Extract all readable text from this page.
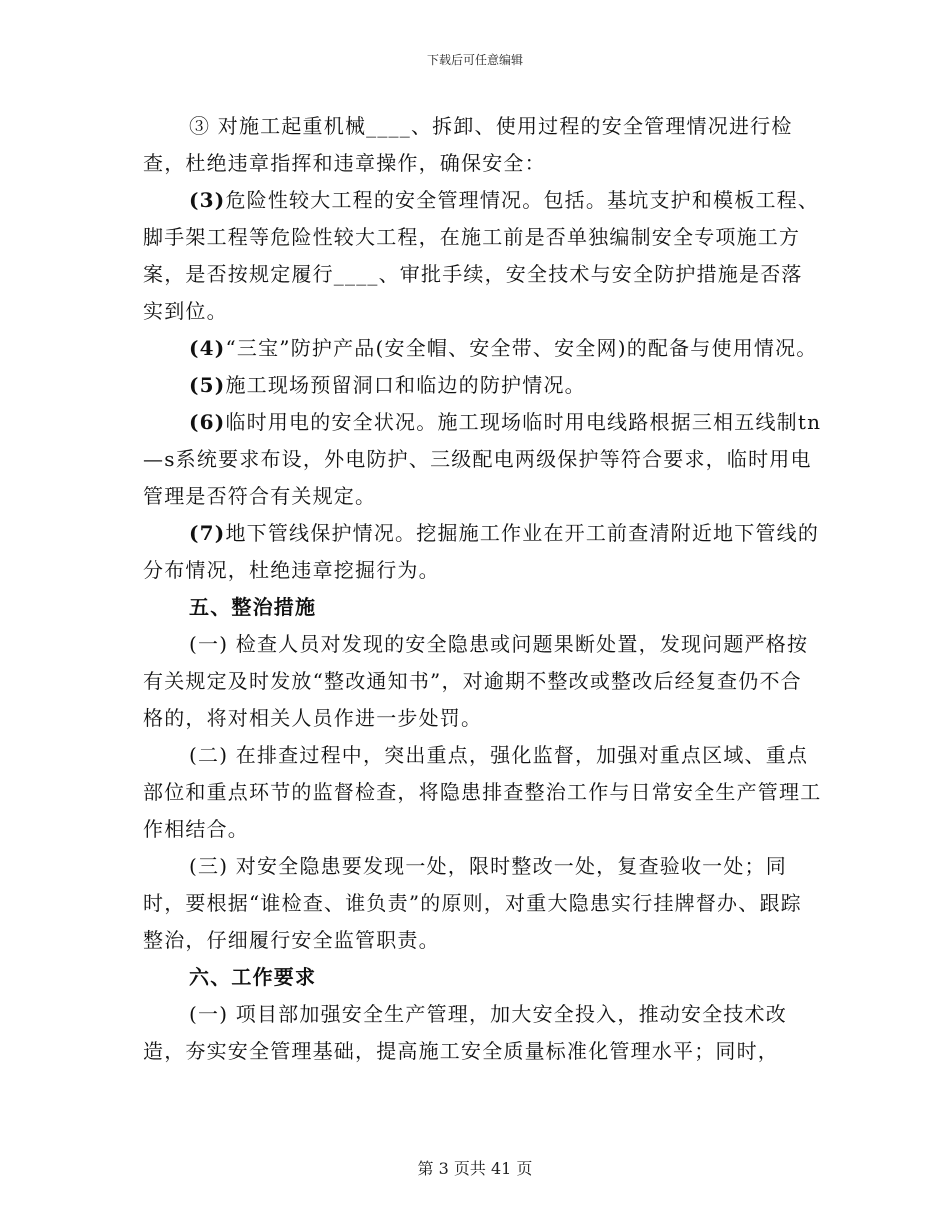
下载后可任意编辑

③ 对施工起重机械____、拆卸、使用过程的安全管理情况进行检查，杜绝违章指挥和违章操作，确保安全：

(3)危险性较大工程的安全管理情况。包括。基坑支护和模板工程、脚手架工程等危险性较大工程，在施工前是否单独编制安全专项施工方案，是否按规定履行____、审批手续，安全技术与安全防护措施是否落实到位。

(4)“三宝”防护产品(安全帽、安全带、安全网)的配备与使用情况。

(5)施工现场预留洞口和临边的防护情况。

(6)临时用电的安全状况。施工现场临时用电线路根据三相五线制tn—s系统要求布设，外电防护、三级配电两级保护等符合要求，临时用电管理是否符合有关规定。

(7)地下管线保护情况。挖掘施工作业在开工前查清附近地下管线的分布情况，杜绝违章挖掘行为。

五、整治措施

(一) 检查人员对发现的安全隐患或问题果断处置，发现问题严格按有关规定及时发放“整改通知书”，对逾期不整改或整改后经复查仍不合格的，将对相关人员作进一步处罚。

(二) 在排查过程中，突出重点，强化监督，加强对重点区域、重点部位和重点环节的监督检查，将隐患排查整治工作与日常安全生产管理工作相结合。

(三) 对安全隐患要发现一处，限时整改一处，复查验收一处；同时，要根据“谁检查、谁负责”的原则，对重大隐患实行挂牌督办、跟踪整治，仔细履行安全监管职责。

六、工作要求

(一) 项目部加强安全生产管理，加大安全投入，推动安全技术改造，夯实安全管理基础，提高施工安全质量标准化管理水平；同时，

第 3 页共 41 页
